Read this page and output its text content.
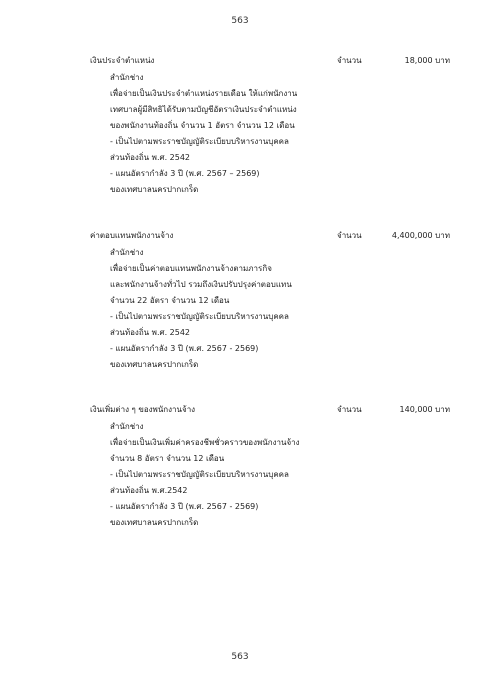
563
เงินประจำตำแหน่ง	จำนวน	18,000 บาท
สำนักช่าง
เพื่อจ่ายเป็นเงินประจำตำแหน่งรายเดือน ให้แก่พนักงาน
เทศบาลผู้มีสิทธิได้รับตามบัญชีอัตราเงินประจำตำแหน่ง
ของพนักงานท้องถิ่น จำนวน 1 อัตรา จำนวน 12 เดือน
- เป็นไปตามพระราชบัญญัติระเบียบบริหารงานบุคคล
ส่วนท้องถิ่น พ.ศ. 2542
- แผนอัตรากำลัง 3 ปี (พ.ศ. 2567 – 2569)
ของเทศบาลนครปากเกร็ด
ค่าตอบแทนพนักงานจ้าง	จำนวน	4,400,000 บาท
สำนักช่าง
เพื่อจ่ายเป็นค่าตอบแทนพนักงานจ้างตามภารกิจ
และพนักงานจ้างทั่วไป รวมถึงเงินปรับปรุงค่าตอบแทน
จำนวน 22 อัตรา จำนวน 12 เดือน
- เป็นไปตามพระราชบัญญัติระเบียบบริหารงานบุคคล
ส่วนท้องถิ่น พ.ศ. 2542
- แผนอัตรากำลัง 3 ปี (พ.ศ. 2567 - 2569)
ของเทศบาลนครปากเกร็ด
เงินเพิ่มต่าง ๆ ของพนักงานจ้าง	จำนวน	140,000 บาท
สำนักช่าง
เพื่อจ่ายเป็นเงินเพิ่มค่าครองชีพชั่วคราวของพนักงานจ้าง
จำนวน 8 อัตรา จำนวน 12 เดือน
- เป็นไปตามพระราชบัญญัติระเบียบบริหารงานบุคคล
ส่วนท้องถิ่น พ.ศ.2542
- แผนอัตรากำลัง 3 ปี (พ.ศ. 2567 - 2569)
ของเทศบาลนครปากเกร็ด
563
